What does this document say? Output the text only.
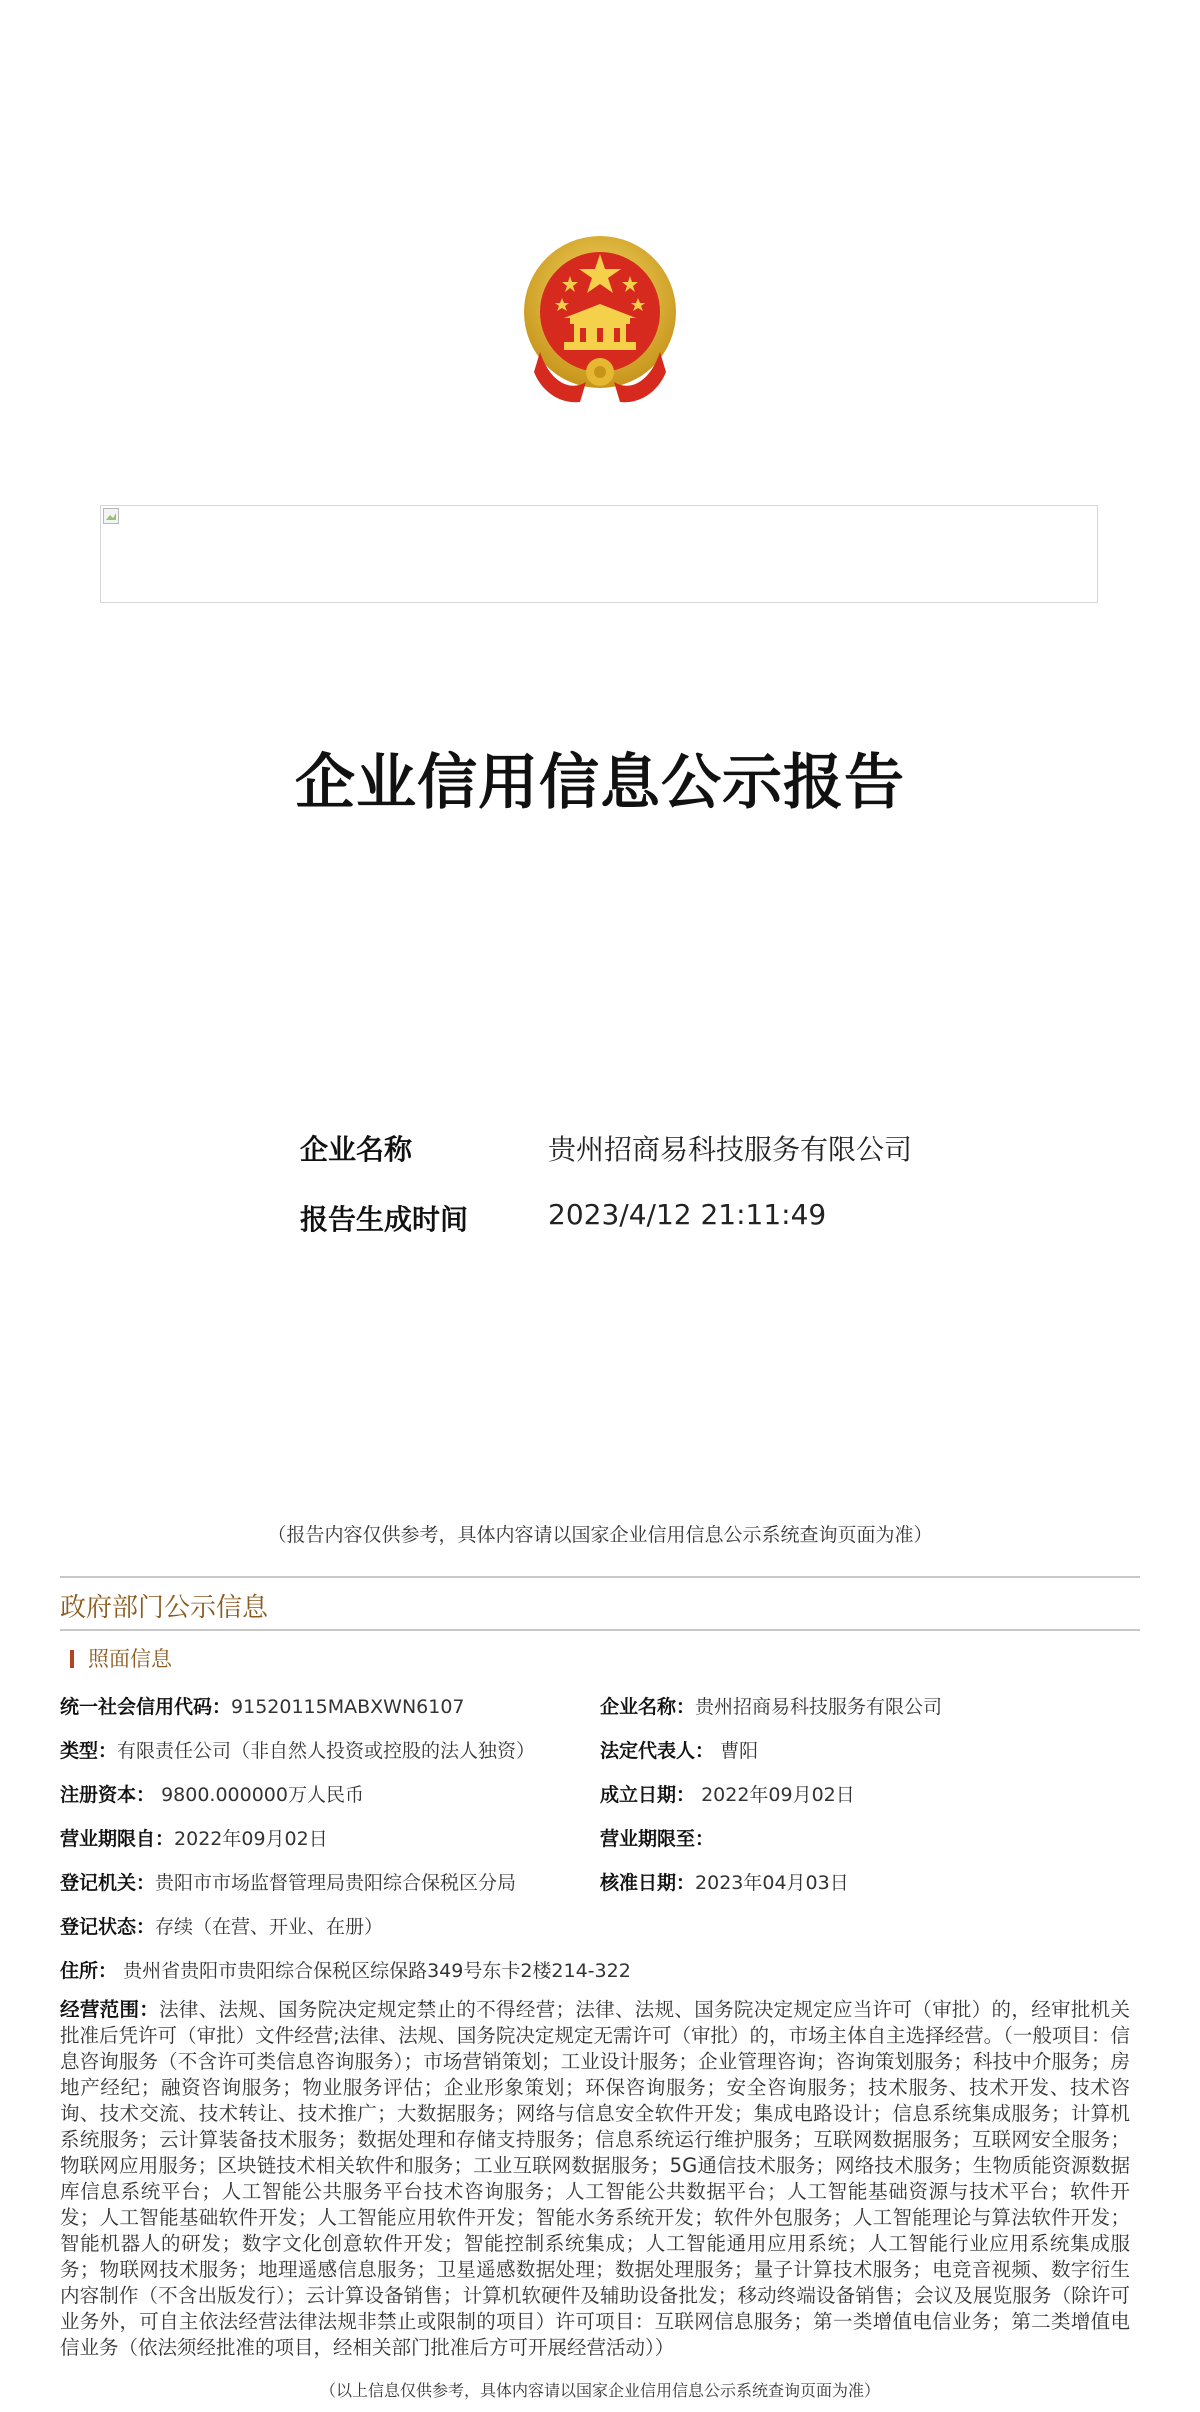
企业信用信息公示报告
企业名称	贵州招商易科技服务有限公司
报告生成时间	2023/4/12 21:11:49
（报告内容仅供参考，具体内容请以国家企业信用信息公示系统查询页面为准）
政府部门公示信息
照面信息
统一社会信用代码：91520115MABXWN6107
类型：有限责任公司（非自然人投资或控股的法人独资）
注册资本： 9800.000000万人民币
营业期限自：2022年09月02日
登记机关：贵阳市市场监督管理局贵阳综合保税区分局
登记状态：存续（在营、开业、在册）
住所： 贵州省贵阳市贵阳综合保税区综保路349号东卡2楼214-322
企业名称：贵州招商易科技服务有限公司
法定代表人： 曹阳
成立日期： 2022年09月02日
营业期限至：
核准日期：2023年04月03日
经营范围：法律、法规、国务院决定规定禁止的不得经营；法律、法规、国务院决定规定应当许可（审批）的，经审批机关批准后凭许可（审批）文件经营;法律、法规、国务院决定规定无需许可（审批）的，市场主体自主选择经营。（一般项目：信息咨询服务（不含许可类信息咨询服务）；市场营销策划；工业设计服务；企业管理咨询；咨询策划服务；科技中介服务；房地产经纪；融资咨询服务；物业服务评估；企业形象策划；环保咨询服务；安全咨询服务；技术服务、技术开发、技术咨询、技术交流、技术转让、技术推广；大数据服务；网络与信息安全软件开发；集成电路设计；信息系统集成服务；计算机系统服务；云计算装备技术服务；数据处理和存储支持服务；信息系统运行维护服务；互联网数据服务；互联网安全服务；物联网应用服务；区块链技术相关软件和服务；工业互联网数据服务；5G通信技术服务；网络技术服务；生物质能资源数据库信息系统平台；人工智能公共服务平台技术咨询服务；人工智能公共数据平台；人工智能基础资源与技术平台；软件开发；人工智能基础软件开发；人工智能应用软件开发；智能水务系统开发；软件外包服务；人工智能理论与算法软件开发；智能机器人的研发；数字文化创意软件开发；智能控制系统集成；人工智能通用应用系统；人工智能行业应用系统集成服务；物联网技术服务；地理遥感信息服务；卫星遥感数据处理；数据处理服务；量子计算技术服务；电竞音视频、数字衍生内容制作（不含出版发行）；云计算设备销售；计算机软硬件及辅助设备批发；移动终端设备销售；会议及展览服务（除许可业务外，可自主依法经营法律法规非禁止或限制的项目）许可项目：互联网信息服务；第一类增值电信业务；第二类增值电信业务（依法须经批准的项目，经相关部门批准后方可开展经营活动））
（以上信息仅供参考，具体内容请以国家企业信用信息公示系统查询页面为准）
